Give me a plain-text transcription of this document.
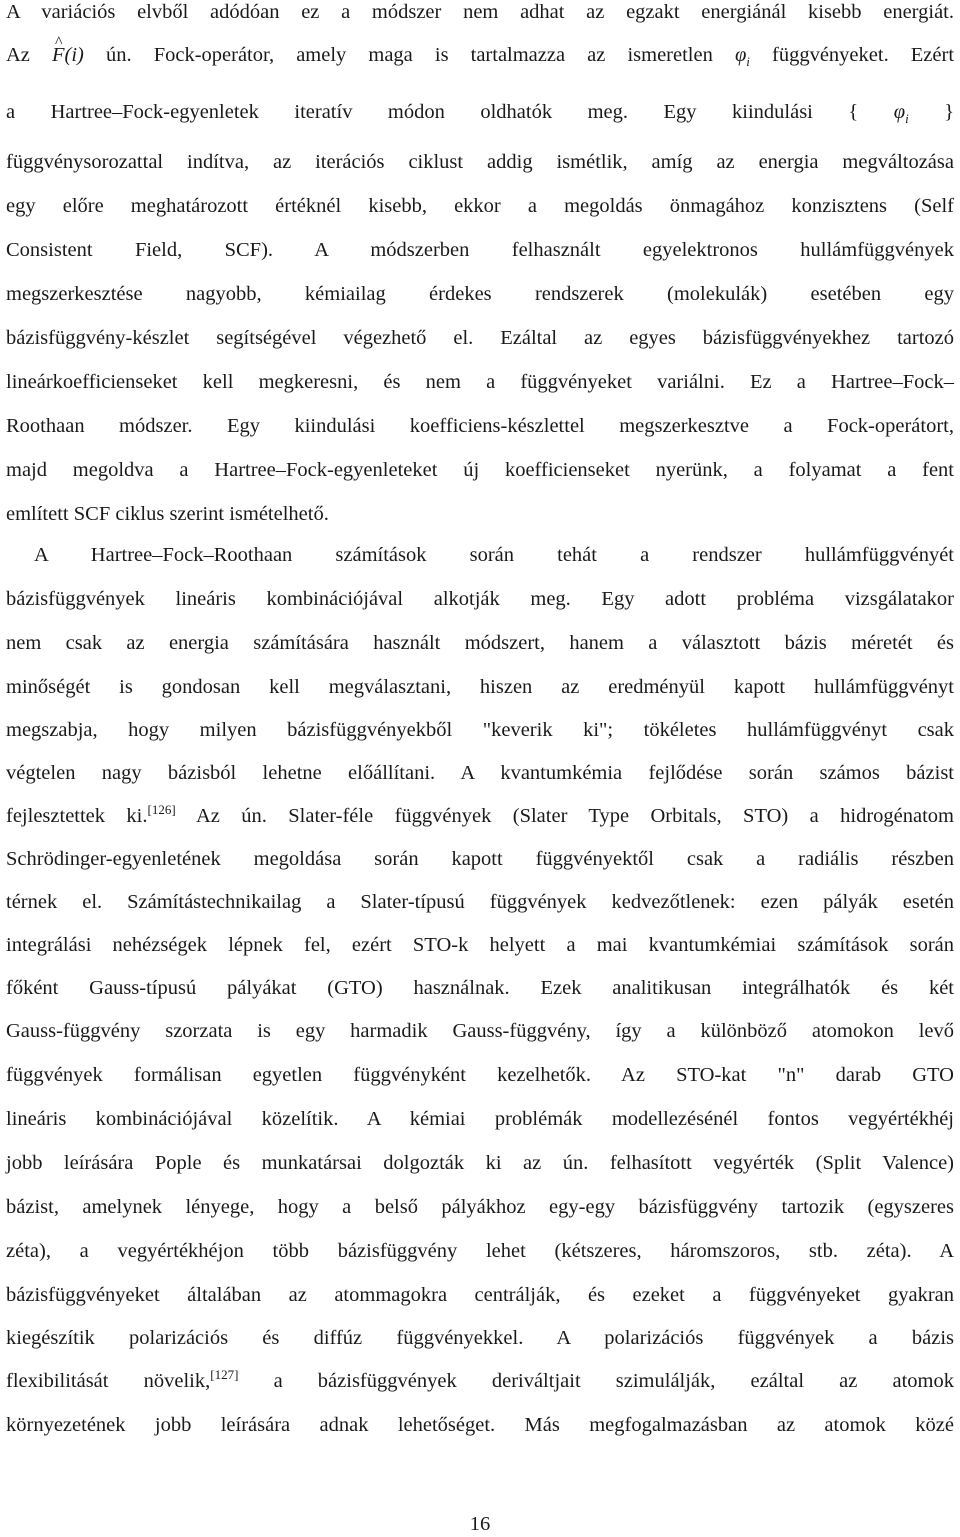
A variációs elvből adódóan ez a módszer nem adhat az egzakt energiánál kisebb energiát.
Az ^ F(i) ún. Fock-operátor, amely maga is tartalmazza az ismeretlen $\varphi_i$ függvényeket. Ezért
a Hartree–Fock-egyenletek iteratív módon oldhatók meg. Egy kiindulási { $\varphi_i$ }
függvénysorozattal indítva, az iterációs ciklust addig ismétlik, amíg az energia megváltozása
egy előre meghatározott értéknél kisebb, ekkor a megoldás önmagához konzisztens (Self
Consistent Field, SCF). A módszerben felhasznált egyelektronos hullámfüggvények
megszerkesztése nagyobb, kémiailag érdekes rendszerek (molekulák) esetében egy
bázisfüggvény-készlet segítségével végezhető el. Ezáltal az egyes bázisfüggvényekhez tartozó
lineárkoefficienseket kell megkeresni, és nem a függvényeket variálni. Ez a Hartree–Fock–
Roothaan módszer. Egy kiindulási koefficiens-készlettel megszerkesztve a Fock-operátort,
majd megoldva a Hartree–Fock-egyenleteket új koefficienseket nyerünk, a folyamat a fent
említett SCF ciklus szerint ismételhető.
A Hartree–Fock–Roothaan számítások során tehát a rendszer hullámfüggvényét
bázisfüggvények lineáris kombinációjával alkotják meg. Egy adott probléma vizsgálatakor
nem csak az energia számítására használt módszert, hanem a választott bázis méretét és
minőségét is gondosan kell megválasztani, hiszen az eredményül kapott hullámfüggvényt
megszabja, hogy milyen bázisfüggvényekből "keverik ki"; tökéletes hullámfüggvényt csak
végtelen nagy bázisból lehetne előállítani. A kvantumkémia fejlődése során számos bázist
fejlesztettek ki.[126] Az ún. Slater-féle függvények (Slater Type Orbitals, STO) a hidrogénatom
Schrödinger-egyenletének megoldása során kapott függvényektől csak a radiális részben
térnek el. Számítástechnikailag a Slater-típusú függvények kedvezőtlenek: ezen pályák esetén
integrálási nehézségek lépnek fel, ezért STO-k helyett a mai kvantumkémiai számítások során
főként Gauss-típusú pályákat (GTO) használnak. Ezek analitikusan integrálhatók és két
Gauss-függvény szorzata is egy harmadik Gauss-függvény, így a különböző atomokon levő
függvények formálisan egyetlen függvényként kezelhetők. Az STO-kat "n" darab GTO
lineáris kombinációjával közelítik. A kémiai problémák modellezésénél fontos vegyértékhéj
jobb leírására Pople és munkatársai dolgozták ki az ún. felhasított vegyérték (Split Valence)
bázist, amelynek lényege, hogy a belső pályákhoz egy-egy bázisfüggvény tartozik (egyszeres
zéta), a vegyértékhéjon több bázisfüggvény lehet (kétszeres, háromszoros, stb. zéta). A
bázisfüggvényeket általában az atommagokra centrálják, és ezeket a függvényeket gyakran
kiegészítik polarizációs és diffúz függvényekkel. A polarizációs függvények a bázis
flexibilitását növelik,[127] a bázisfüggvények deriváltjait szimulálják, ezáltal az atomok
környezetének jobb leírására adnak lehetőséget. Más megfogalmazásban az atomok közé
16
